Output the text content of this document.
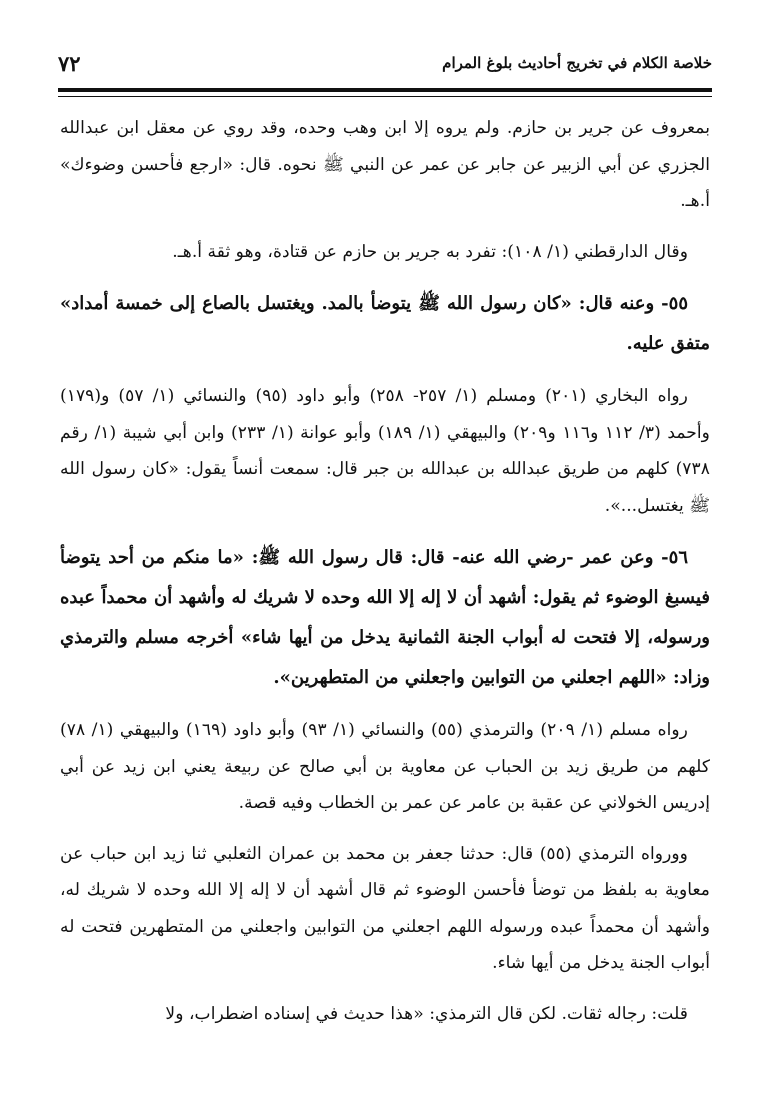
٧٢	خلاصة الكلام في تخريج أحاديث بلوغ المرام

بمعروف عن جرير بن حازم. ولم يروه إلا ابن وهب وحده، وقد روي عن معقل ابن عبدالله الجزري عن أبي الزبير عن جابر عن عمر عن النبي ﷺ نحوه. قال: «ارجع فأحسن وضوءك» أ.هـ.

وقال الدارقطني (١/ ١٠٨): تفرد به جرير بن حازم عن قتادة، وهو ثقة أ.هـ.

٥٥- وعنه قال: «كان رسول الله ﷺ يتوضأ بالمد. ويغتسل بالصاع إلى خمسة أمداد» متفق عليه.

رواه البخاري (٢٠١) ومسلم (١/ ٢٥٧- ٢٥٨) وأبو داود (٩٥) والنسائي (١/ ٥٧) و(١٧٩) وأحمد (٣/ ١١٢ و١١٦ و٢٠٩) والبيهقي (١/ ١٨٩) وأبو عوانة (١/ ٢٣٣) وابن أبي شيبة (١/ رقم ٧٣٨) كلهم من طريق عبدالله بن عبدالله بن جبر قال: سمعت أنساً يقول: «كان رسول الله ﷺ يغتسل...».

٥٦- وعن عمر -رضي الله عنه- قال: قال رسول الله ﷺ: «ما منكم من أحد يتوضأ فيسبغ الوضوء ثم يقول: أشهد أن لا إله إلا الله وحده لا شريك له وأشهد أن محمداً عبده ورسوله، إلا فتحت له أبواب الجنة الثمانية يدخل من أيها شاء» أخرجه مسلم والترمذي وزاد: «اللهم اجعلني من التوابين واجعلني من المتطهرين».

رواه مسلم (١/ ٢٠٩) والترمذي (٥٥) والنسائي (١/ ٩٣) وأبو داود (١٦٩) والبيهقي (١/ ٧٨) كلهم من طريق زيد بن الحباب عن معاوية بن أبي صالح عن ربيعة يعني ابن زيد عن أبي إدريس الخولاني عن عقبة بن عامر عن عمر بن الخطاب وفيه قصة.

وورواه الترمذي (٥٥) قال: حدثنا جعفر بن محمد بن عمران الثعلبي ثنا زيد ابن حباب عن معاوية به بلفظ من توضأ فأحسن الوضوء ثم قال أشهد أن لا إله إلا الله وحده لا شريك له، وأشهد أن محمداً عبده ورسوله اللهم اجعلني من التوابين واجعلني من المتطهرين فتحت له أبواب الجنة يدخل من أيها شاء.

قلت: رجاله ثقات. لكن قال الترمذي: «هذا حديث في إسناده اضطراب، ولا
